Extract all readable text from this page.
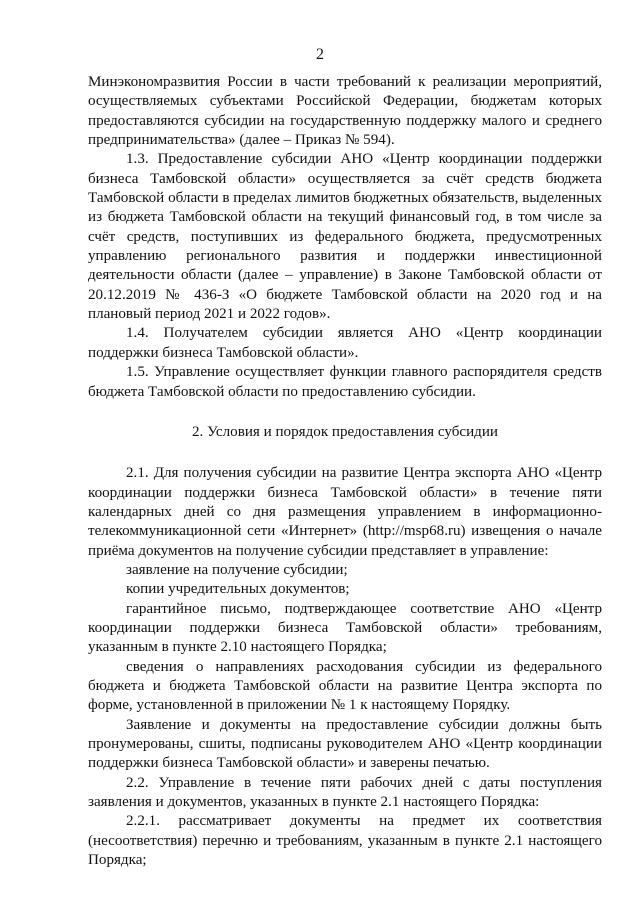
2

Минэкономразвития России в части требований к реализации мероприятий, осуществляемых субъектами Российской Федерации, бюджетам которых предоставляются субсидии на государственную поддержку малого и среднего предпринимательства» (далее – Приказ № 594).

1.3. Предоставление субсидии АНО «Центр координации поддержки бизнеса Тамбовской области» осуществляется за счёт средств бюджета Тамбовской области в пределах лимитов бюджетных обязательств, выделенных из бюджета Тамбовской области на текущий финансовый год, в том числе за счёт средств, поступивших из федерального бюджета, предусмотренных управлению регионального развития и поддержки инвестиционной деятельности области (далее – управление) в Законе Тамбовской области от 20.12.2019 № 436-З «О бюджете Тамбовской области на 2020 год и на плановый период 2021 и 2022 годов».

1.4. Получателем субсидии является АНО «Центр координации поддержки бизнеса Тамбовской области».

1.5. Управление осуществляет функции главного распорядителя средств бюджета Тамбовской области по предоставлению субсидии.

2. Условия и порядок предоставления субсидии

2.1. Для получения субсидии на развитие Центра экспорта АНО «Центр координации поддержки бизнеса Тамбовской области» в течение пяти календарных дней со дня размещения управлением в информационно-телекоммуникационной сети «Интернет» (http://msp68.ru) извещения о начале приёма документов на получение субсидии представляет в управление:

заявление на получение субсидии;

копии учредительных документов;

гарантийное письмо, подтверждающее соответствие АНО «Центр координации поддержки бизнеса Тамбовской области» требованиям, указанным в пункте 2.10 настоящего Порядка;

сведения о направлениях расходования субсидии из федерального бюджета и бюджета Тамбовской области на развитие Центра экспорта по форме, установленной в приложении № 1 к настоящему Порядку.

Заявление и документы на предоставление субсидии должны быть пронумерованы, сшиты, подписаны руководителем АНО «Центр координации поддержки бизнеса Тамбовской области» и заверены печатью.

2.2. Управление в течение пяти рабочих дней с даты поступления заявления и документов, указанных в пункте 2.1 настоящего Порядка:

2.2.1. рассматривает документы на предмет их соответствия (несоответствия) перечню и требованиям, указанным в пункте 2.1 настоящего Порядка;
